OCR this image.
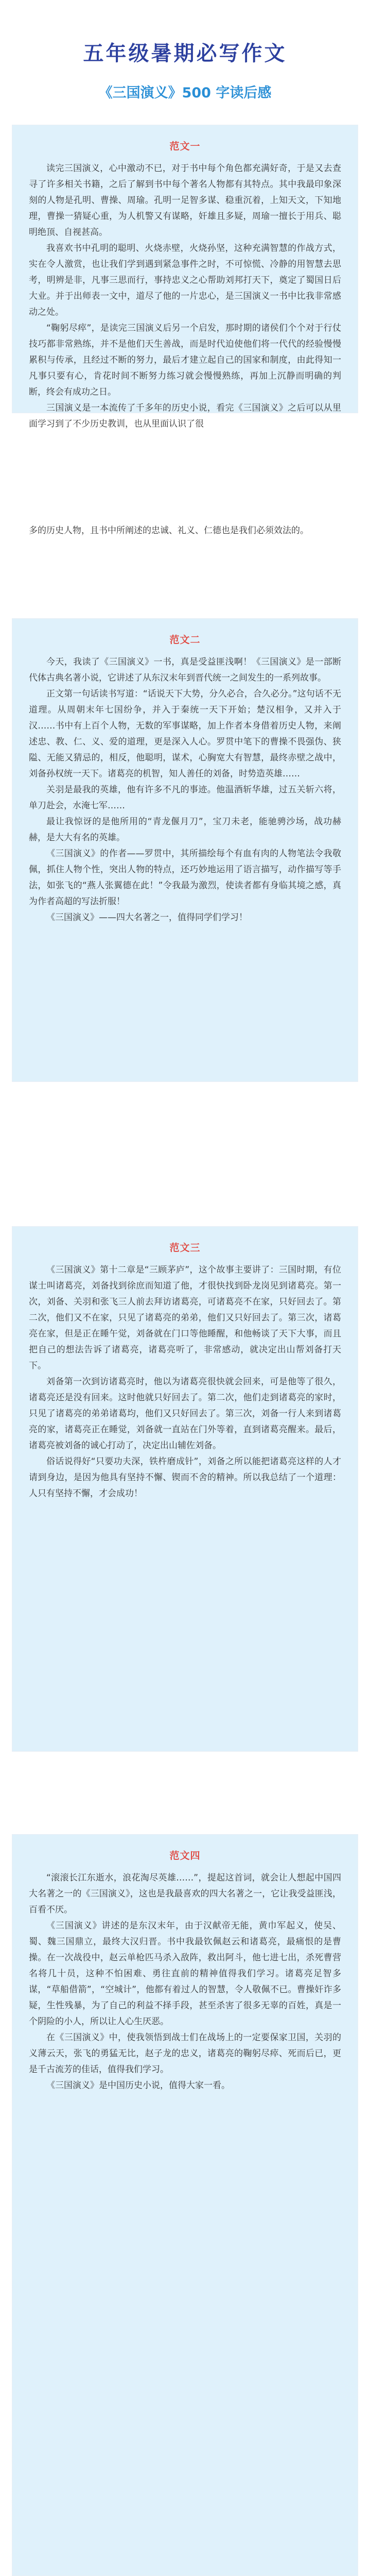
五年级暑期必写作文
《三国演义》500 字读后感
范文一

读完三国演义，心中激动不已，对于书中每个角色都充满好奇，于是又去查寻了许多相关书籍，之后了解到书中每个著名人物都有其特点。其中我最印象深刻的人物是孔明、曹操、周瑜。孔明一足智多谋、稳重沉着，上知天文，下知地理，曹操一猜疑心重，为人机警又有谋略，奸雄且多疑，周瑜一擅长于用兵、聪明绝顶、自视甚高。

我喜欢书中孔明的聪明、火烧赤壁，火烧孙坚，这种充满智慧的作战方式，实在令人激赏，也让我们学到遇到紧急事件之时，不可惊慌、冷静的用智慧去思考，明辨是非，凡事三思而行，事持忠义之心帮助刘邦打天下，奠定了蜀国日后大业。并于出师表一文中，道尽了他的一片忠心，是三国演义一书中比我非常感动之处。

“鞠躬尽瘁”，是读完三国演义后另一个启发，那时期的诸侯们个个对于行仗技巧都非常熟练，并不是他们天生善战，而是时代迫使他们将一代代的经验慢慢累积与传承，且经过不断的努力，最后才建立起自己的国家和制度，由此得知一凡事只要有心，肯花时间不断努力练习就会慢慢熟练，再加上沉静而明确的判断，终会有成功之日。

三国演义是一本流传了千多年的历史小说，看完《三国演义》之后可以从里面学习到了不少历史教训，也从里面认识了很

多的历史人物，且书中所阐述的忠诚、礼义、仁德也是我们必须效法的。

范文二

今天，我读了《三国演义》一书，真是受益匪浅啊！《三国演义》是一部断代体古典名著小说，它讲述了从东汉末年到晋代统一之间发生的一系列故事。

正文第一句话读书写道：“话说天下大势，分久必合，合久必分。”这句话不无道理。从周朝末年七国纷争，并入于秦统一天下开始；楚汉相争，又并入于汉……书中有上百个人物，无数的军事谋略，加上作者本身借着历史人物，来阐述忠、教、仁、义、爱的道理，更是深入人心。罗贯中笔下的曹操不畏强伪、狭隘、无能又猜忌的，相反，他聪明，谋术，心胸宽大有智慧，最终赤壁之战中，刘备孙权统一天下。诸葛亮的机智，知人善任的刘备，时势造英雄……

关羽是最我的英雄，他有许多不凡的事迹。他温酒斩华雄，过五关斩六将，单刀赴会，水淹七军……

最让我惊讶的是他所用的“青龙偃月刀”，宝刀未老，能驰骋沙场，战功赫赫，是大大有名的英雄。

《三国演义》的作者——罗贯中，其所描绘每个有血有肉的人物笔法令我敬佩，抓住人物个性，突出人物的特点，还巧妙地运用了语言描写，动作描写等手法，如张飞的“燕人张翼德在此！”令我最为激烈，使读者都有身临其境之感，真为作者高超的写法折服！

《三国演义》——四大名著之一，值得同学们学习！

范文三

《三国演义》第十二章是“三顾茅庐”，这个故事主要讲了：三国时期，有位谋士叫诸葛亮，刘备找到徐庶而知道了他，才很快找到卧龙岗见到诸葛亮。第一次，刘备、关羽和张飞三人前去拜访诸葛亮，可诸葛亮不在家，只好回去了。第二次，他们又不在家，只见了诸葛亮的弟弟，他们又只好回去了。第三次，诸葛亮在家，但是正在睡午觉，刘备就在门口等他睡醒，和他畅谈了天下大事，而且把自己的想法告诉了诸葛亮，诸葛亮听了，非常感动，就决定出山帮刘备打天下。

刘备第一次到访诸葛亮时，他以为诸葛亮很快就会回来，可是他等了很久，诸葛亮还是没有回来。这时他就只好回去了。第二次，他们走到诸葛亮的家时，只见了诸葛亮的弟弟诸葛均，他们又只好回去了。第三次，刘备一行人来到诸葛亮的家，诸葛亮正在睡觉，刘备就一直站在门外等着，直到诸葛亮醒来。最后，诸葛亮被刘备的诚心打动了，决定出山辅佐刘备。

俗话说得好“只要功夫深，铁杵磨成针”，刘备之所以能把诸葛亮这样的人才请到身边，是因为他具有坚持不懈、锲而不舍的精神。所以我总结了一个道理：人只有坚持不懈，才会成功！

范文四

“滚滚长江东逝水，浪花淘尽英雄……”，提起这首词，就会让人想起中国四大名著之一的《三国演义》，这也是我最喜欢的四大名著之一，它让我受益匪浅，百看不厌。

《三国演义》讲述的是东汉末年，由于汉献帝无能，黄巾军起义，使吴、蜀、魏三国鼎立，最终大汉归晋。书中我最钦佩赵云和诸葛亮，最痛恨的是曹操。在一次战役中，赵云单枪匹马杀入敌阵，救出阿斗，他七进七出，杀死曹营名将几十员，这种不怕困难、勇往直前的精神值得我们学习。诸葛亮足智多谋，“草船借箭”，“空城计”，他都有着过人的智慧，令人敬佩不已。曹操奸诈多疑，生性残暴，为了自己的利益不择手段，甚至杀害了很多无辜的百姓，真是一个阴险的小人，所以让人心生厌恶。

在《三国演义》中，使我领悟到战士们在战场上的一定要保家卫国，关羽的义薄云天，张飞的勇猛无比，赵子龙的忠义，诸葛亮的鞠躬尽瘁、死而后已，更是千古流芳的佳话，值得我们学习。

《三国演义》是中国历史小说，值得大家一看。
